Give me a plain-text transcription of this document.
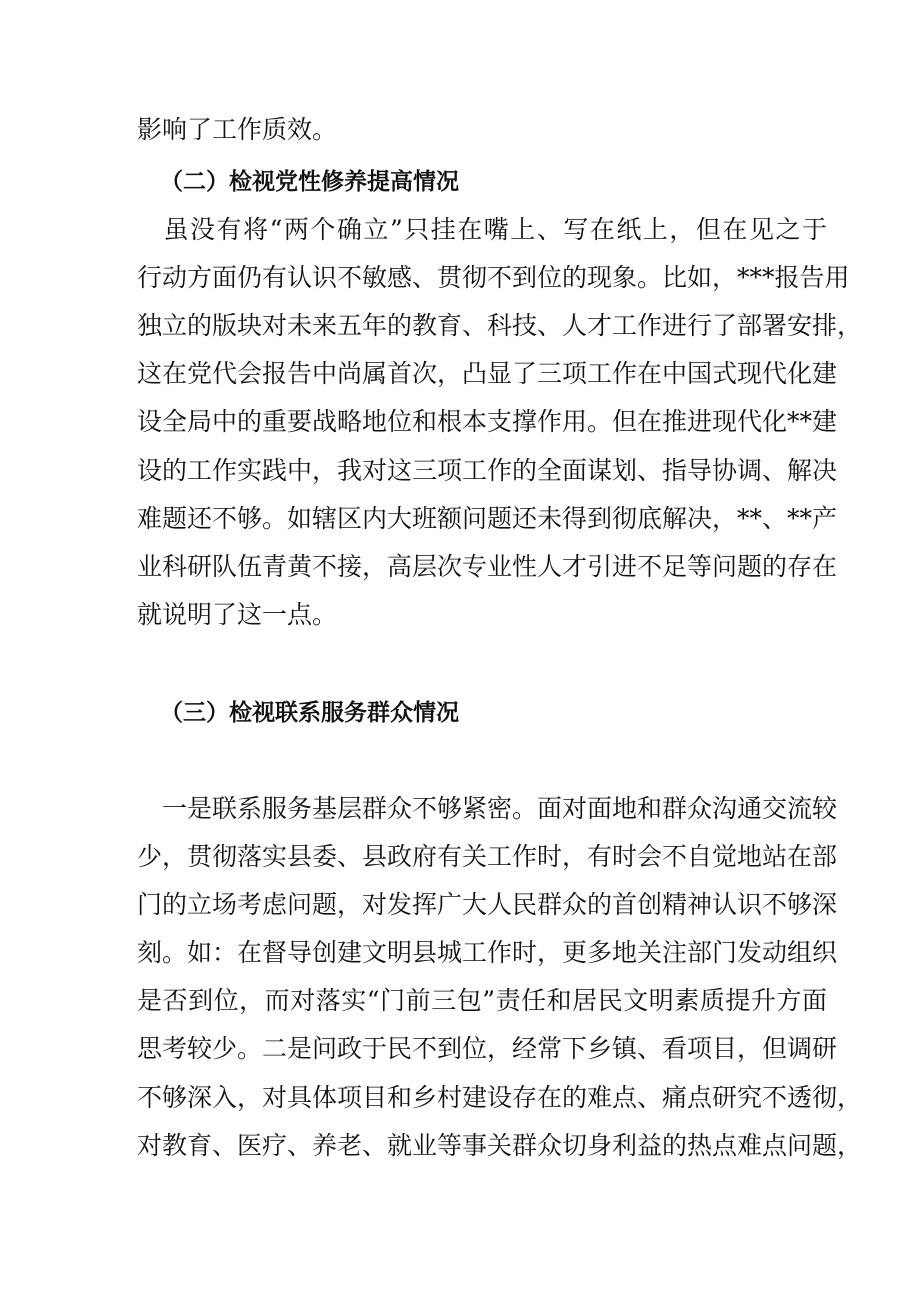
影响了工作质效。
（二）检视党性修养提高情况
　虽没有将“两个确立”只挂在嘴上、写在纸上，但在见之于
行动方面仍有认识不敏感、贯彻不到位的现象。比如，***报告用
独立的版块对未来五年的教育、科技、人才工作进行了部署安排，
这在党代会报告中尚属首次，凸显了三项工作在中国式现代化建
设全局中的重要战略地位和根本支撑作用。但在推进现代化**建
设的工作实践中，我对这三项工作的全面谋划、指导协调、解决
难题还不够。如辖区内大班额问题还未得到彻底解决，**、**产
业科研队伍青黄不接，高层次专业性人才引进不足等问题的存在
就说明了这一点。
（三）检视联系服务群众情况
　一是联系服务基层群众不够紧密。面对面地和群众沟通交流较
少，贯彻落实县委、县政府有关工作时，有时会不自觉地站在部
门的立场考虑问题，对发挥广大人民群众的首创精神认识不够深
刻。如：在督导创建文明县城工作时，更多地关注部门发动组织
是否到位，而对落实“门前三包”责任和居民文明素质提升方面
思考较少。二是问政于民不到位，经常下乡镇、看项目，但调研
不够深入，对具体项目和乡村建设存在的难点、痛点研究不透彻，
对教育、医疗、养老、就业等事关群众切身利益的热点难点问题，
